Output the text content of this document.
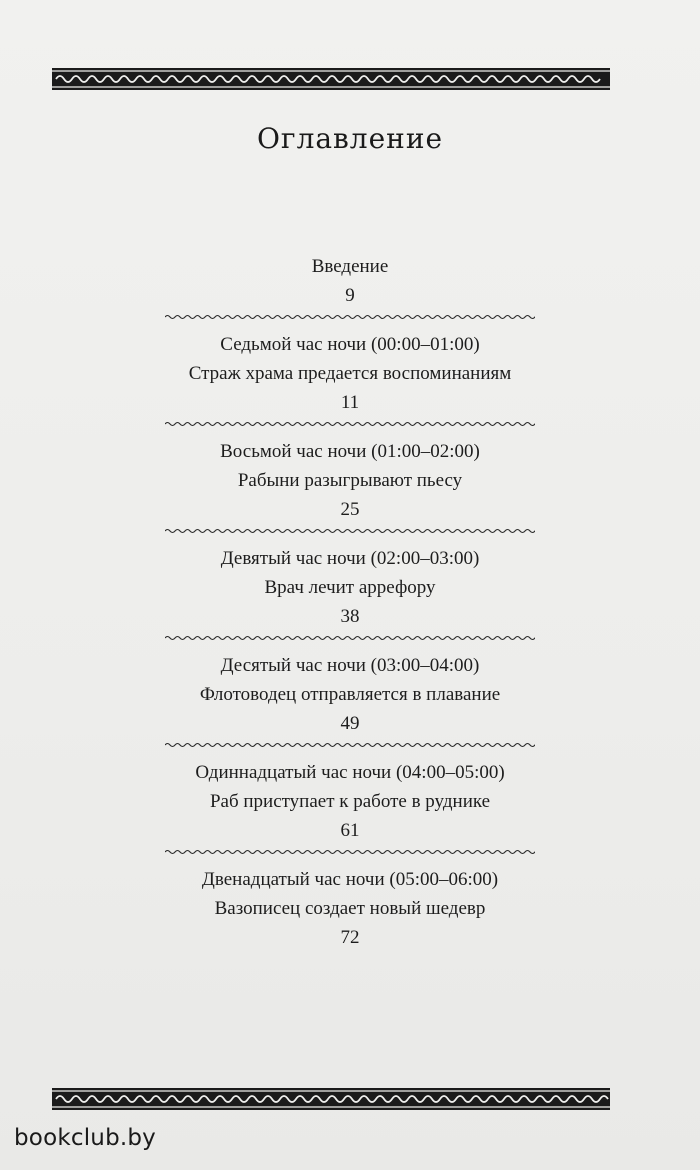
Оглавление
Введение
9
Седьмой час ночи (00:00–01:00)
Страж храма предается воспоминаниям
11
Восьмой час ночи (01:00–02:00)
Рабыни разыгрывают пьесу
25
Девятый час ночи (02:00–03:00)
Врач лечит аррефору
38
Десятый час ночи (03:00–04:00)
Флотоводец отправляется в плавание
49
Одиннадцатый час ночи (04:00–05:00)
Раб приступает к работе в руднике
61
Двенадцатый час ночи (05:00–06:00)
Вазописец создает новый шедевр
72
bookclub.by
